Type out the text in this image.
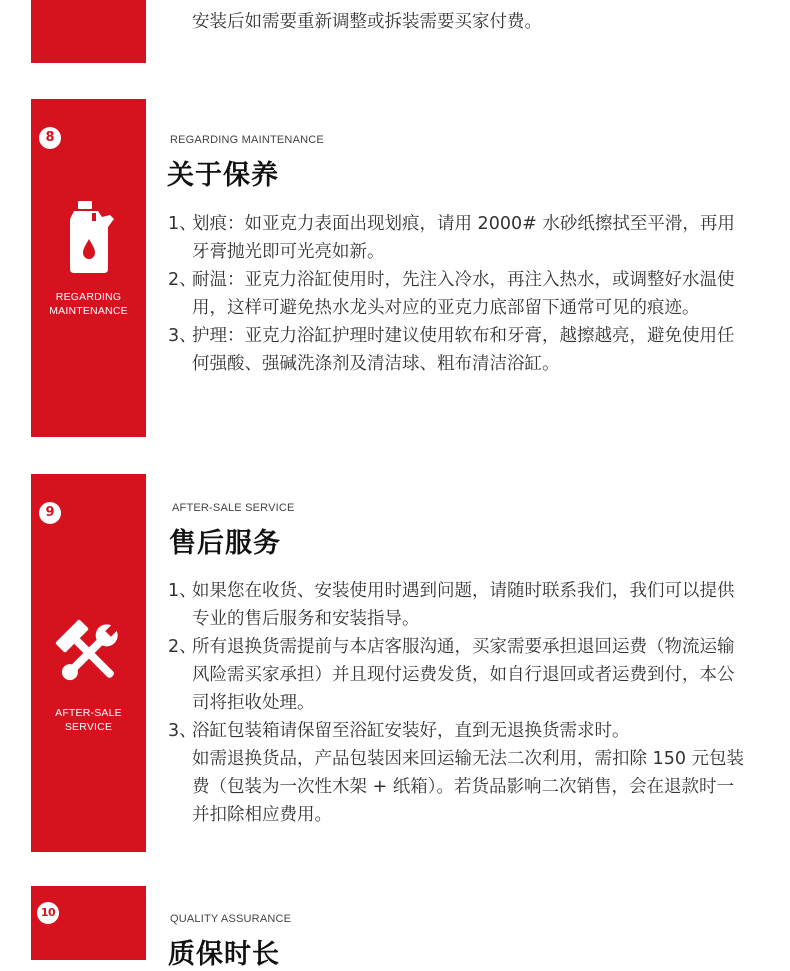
安装后如需要重新调整或拆装需要买家付费。
8
REGARDING
MAINTENANCE
REGARDING MAINTENANCE
关于保养
1、
划痕：如亚克力表面出现划痕，请用 2000# 水砂纸擦拭至平滑，再用牙膏抛光即可光亮如新。
2、
耐温：亚克力浴缸使用时，先注入冷水，再注入热水，或调整好水温使用，这样可避免热水龙头对应的亚克力底部留下通常可见的痕迹。
3、
护理：亚克力浴缸护理时建议使用软布和牙膏，越擦越亮，避免使用任何强酸、强碱洗涤剂及清洁球、粗布清洁浴缸。
9
AFTER-SALE
SERVICE
AFTER-SALE SERVICE
售后服务
1、
如果您在收货、安装使用时遇到问题，请随时联系我们，我们可以提供专业的售后服务和安装指导。
2、
所有退换货需提前与本店客服沟通，买家需要承担退回运费（物流运输风险需买家承担）并且现付运费发货，如自行退回或者运费到付，本公司将拒收处理。
3、
浴缸包装箱请保留至浴缸安装好，直到无退换货需求时。
如需退换货品，产品包装因来回运输无法二次利用，需扣除 150 元包装费（包装为一次性木架 + 纸箱）。若货品影响二次销售，会在退款时一并扣除相应费用。
10	QUALITY ASSURANCE
质保时长
